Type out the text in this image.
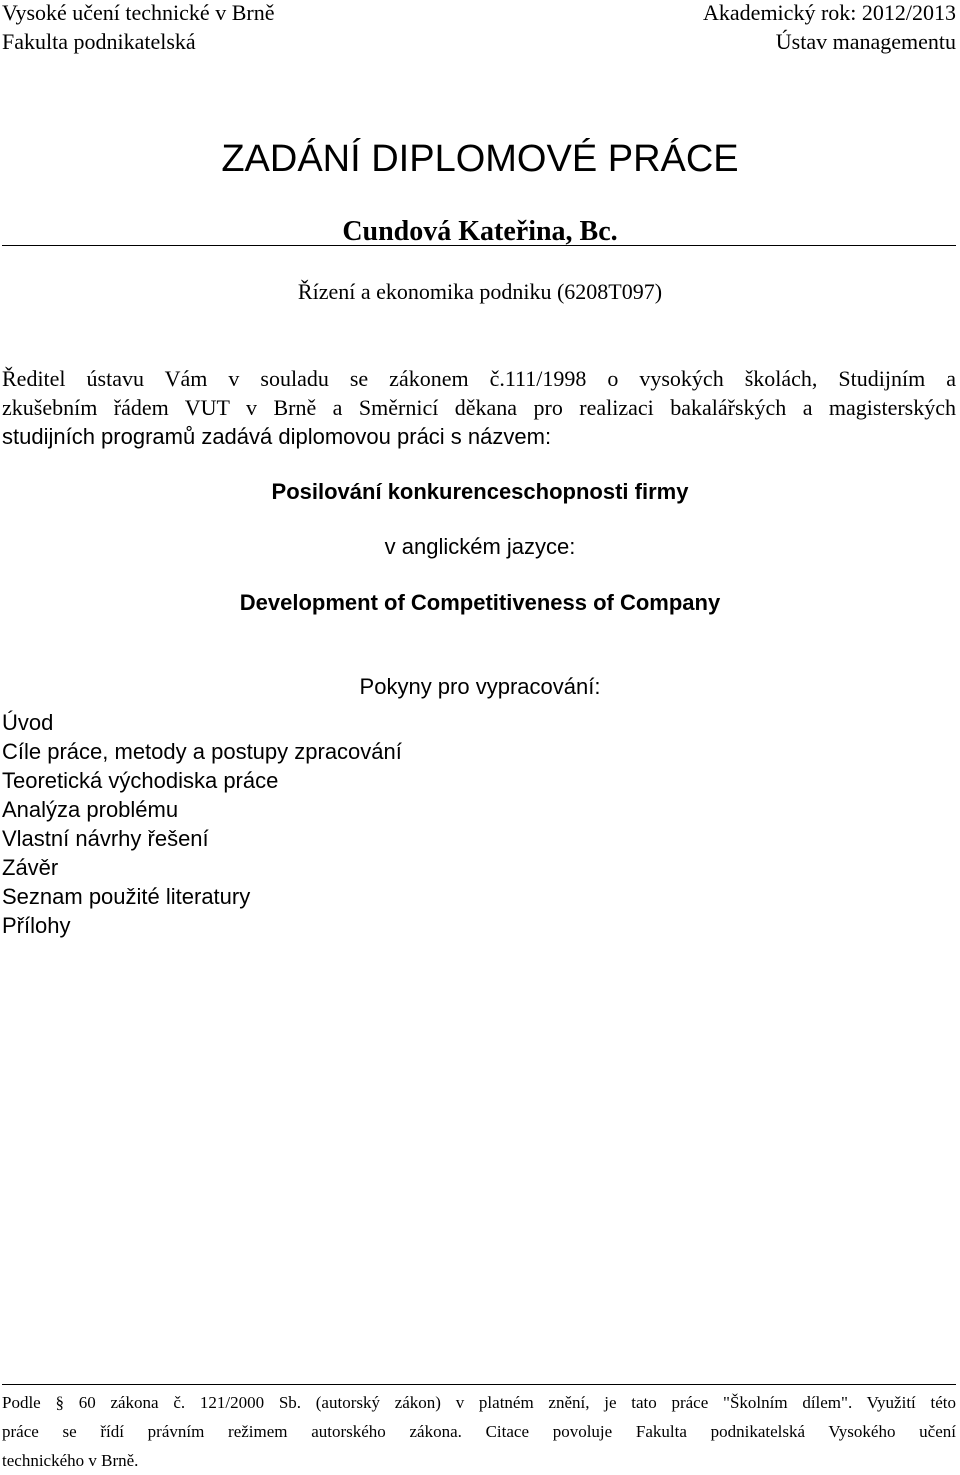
Vysoké učení technické v Brně
Fakulta podnikatelská
Akademický rok: 2012/2013
Ústav managementu
ZADÁNÍ DIPLOMOVÉ PRÁCE
Cundová Kateřina, Bc.
Řízení a ekonomika podniku (6208T097)
Ředitel ústavu Vám v souladu se zákonem č.111/1998 o vysokých školách, Studijním a
zkušebním řádem VUT v Brně a Směrnicí děkana pro realizaci bakalářských a magisterských
studijních programů zadává diplomovou práci s názvem:
Posilování konkurenceschopnosti firmy
v anglickém jazyce:
Development of Competitiveness of Company
Pokyny pro vypracování:
Úvod
Cíle práce, metody a postupy zpracování
Teoretická východiska práce
Analýza problému
Vlastní návrhy řešení
Závěr
Seznam použité literatury
Přílohy
Podle § 60 zákona č. 121/2000 Sb. (autorský zákon) v platném znění, je tato práce "Školním dílem". Využití této
práce se řídí právním režimem autorského zákona. Citace povoluje Fakulta podnikatelská Vysokého učení
technického v Brně.
